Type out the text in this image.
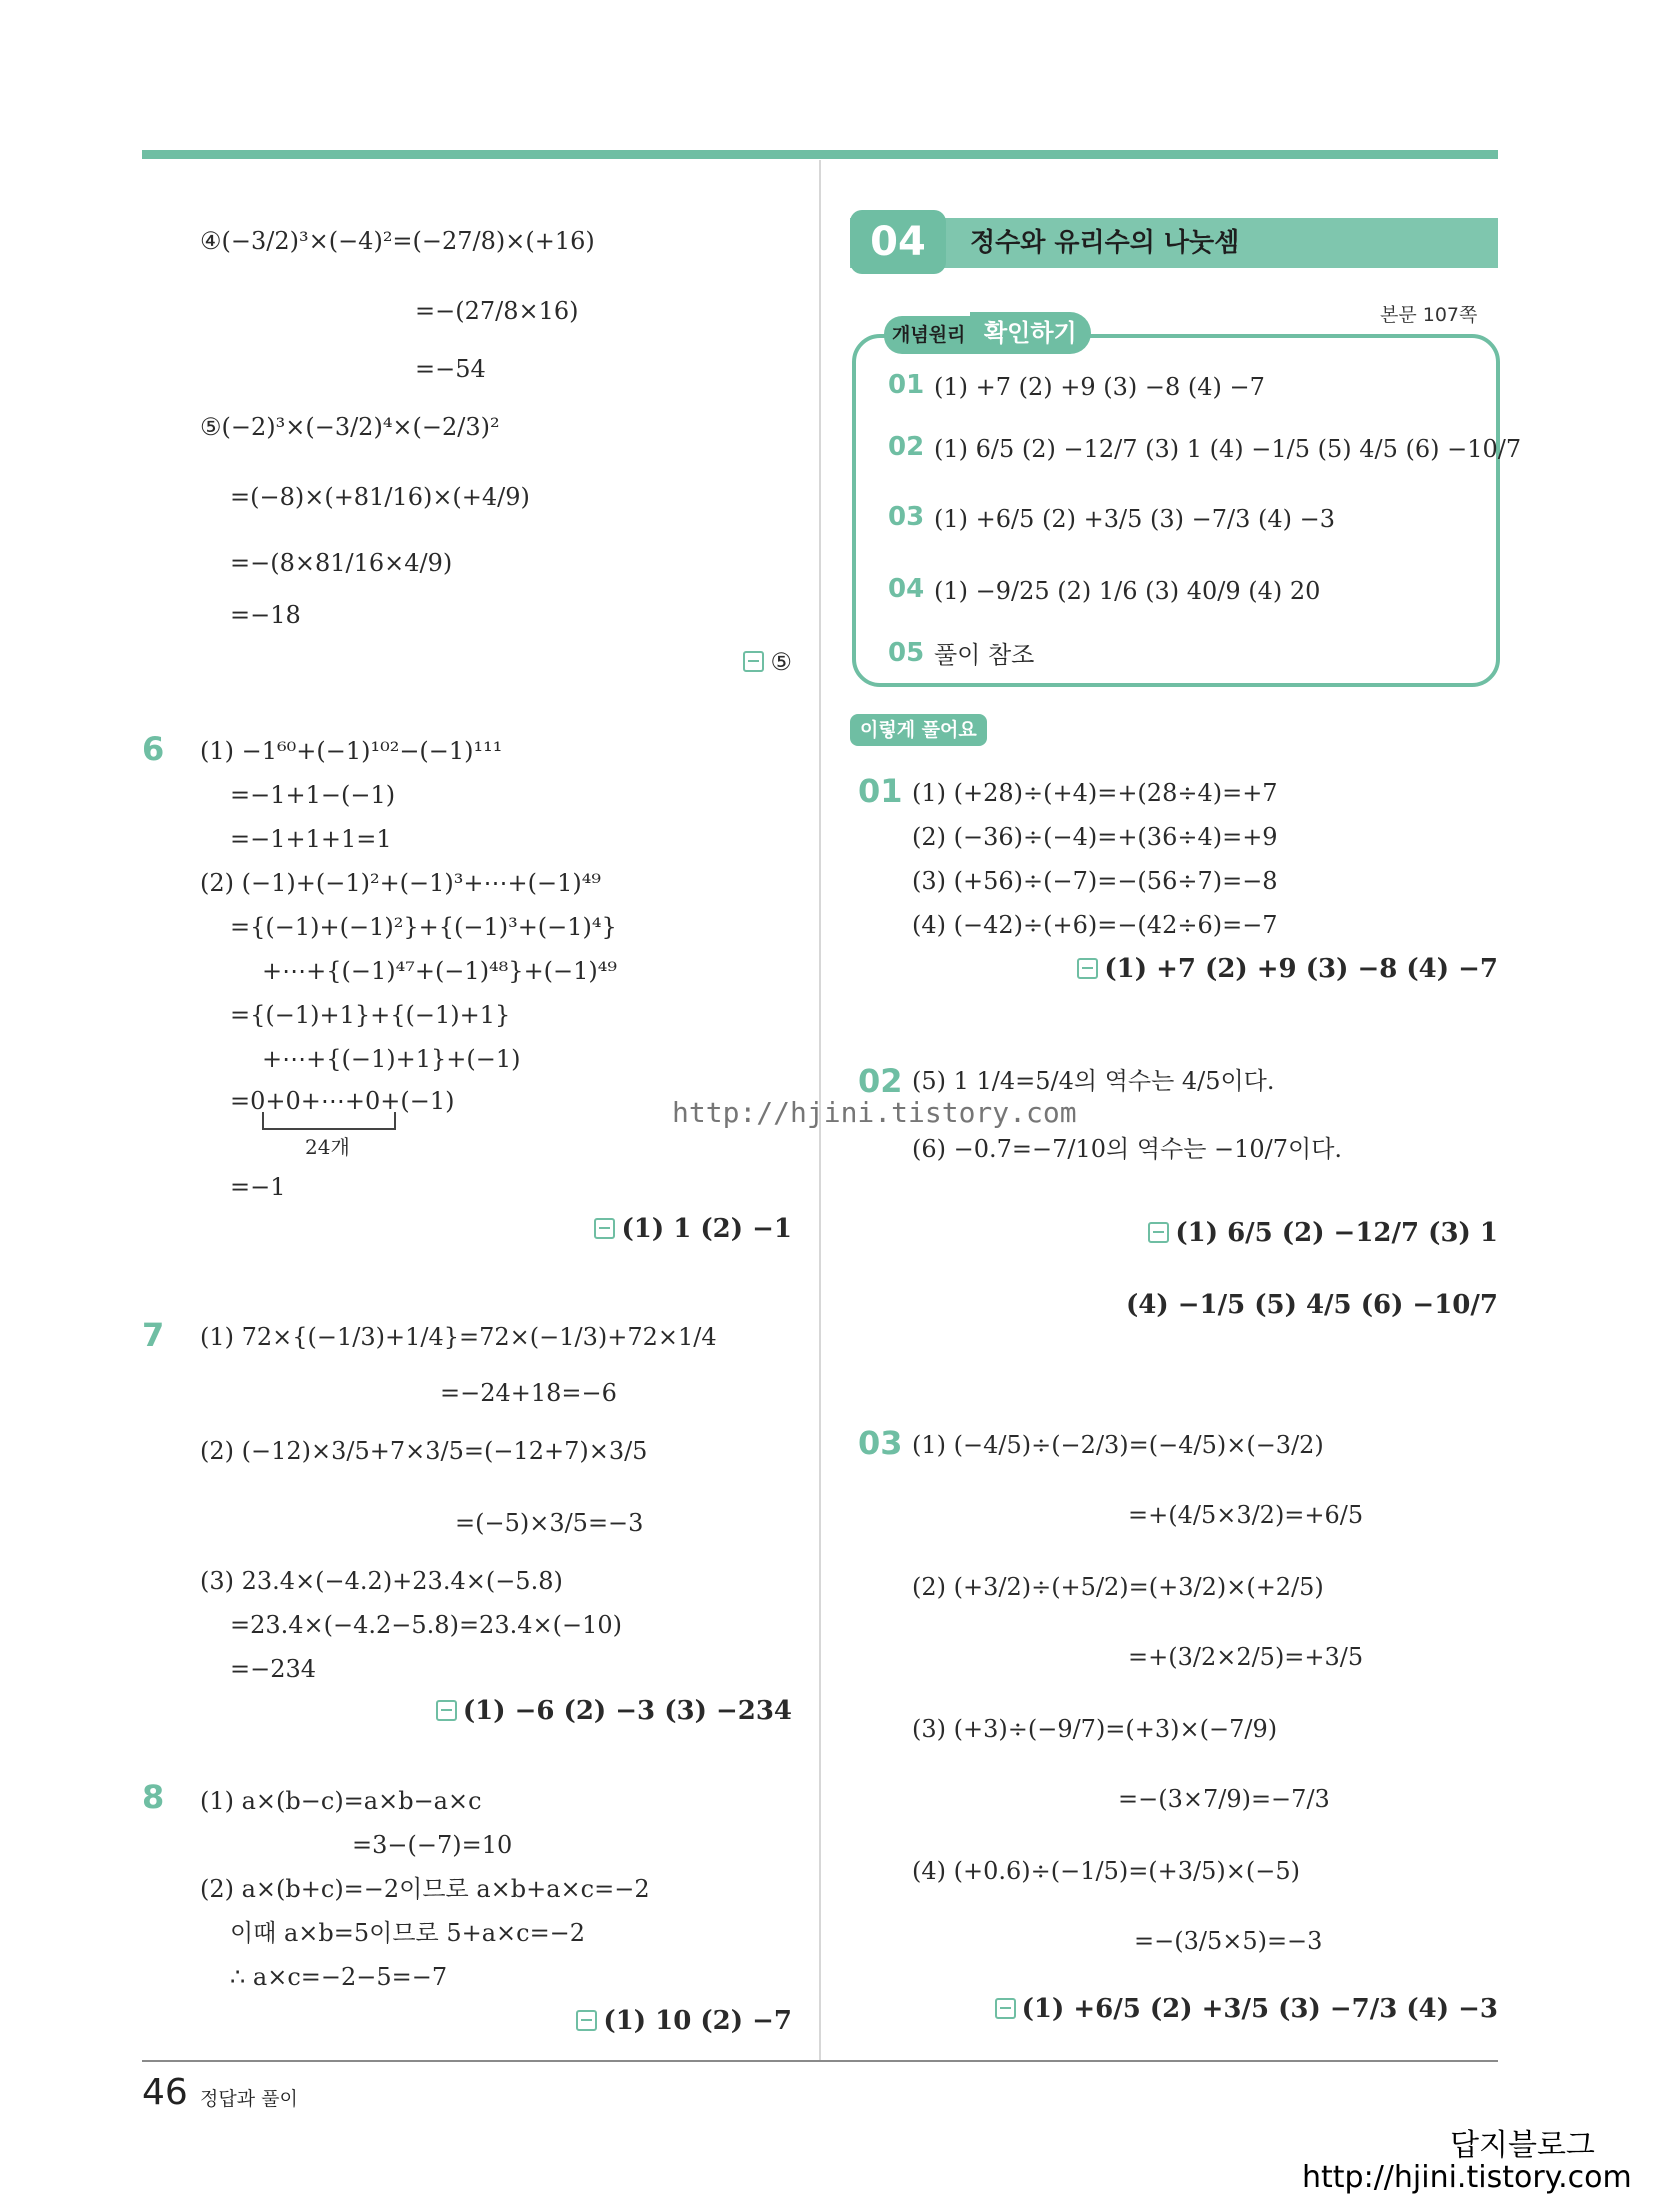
④(−3/2)³×(−4)²=(−27/8)×(+16)
=−(27/8×16)
=−54
⑤(−2)³×(−3/2)⁴×(−2/3)²
=(−8)×(+81/16)×(+4/9)
=−(8×81/16×4/9)
=−18
⑤
6 (1) −1⁶⁰+(−1)¹⁰²−(−1)¹¹¹
=−1+1−(−1)
=−1+1+1=1
(2) (−1)+(−1)²+(−1)³+⋯+(−1)⁴⁹
={(−1)+(−1)²}+{(−1)³+(−1)⁴}
+⋯+{(−1)⁴⁷+(−1)⁴⁸}+(−1)⁴⁹
={(−1)+1}+{(−1)+1}
+⋯+{(−1)+1}+(−1)
=0+0+⋯+0+(−1)
24개
=−1
(1) 1 (2) −1
7 (1) 72×{(−1/3)+1/4}=72×(−1/3)+72×1/4
=−24+18=−6
(2) (−12)×3/5+7×3/5=(−12+7)×3/5
=(−5)×3/5=−3
(3) 23.4×(−4.2)+23.4×(−5.8)
=23.4×(−4.2−5.8)=23.4×(−10)
=−234
(1) −6 (2) −3 (3) −234
8 (1) a×(b−c)=a×b−a×c
=3−(−7)=10
(2) a×(b+c)=−2이므로 a×b+a×c=−2
이때 a×b=5이므로 5+a×c=−2
∴ a×c=−2−5=−7
(1) 10 (2) −7
04	정수와 유리수의 나눗셈
본문 107쪽
개념원리 확인하기
01 (1) +7 (2) +9 (3) −8 (4) −7
02 (1) 6/5 (2) −12/7 (3) 1 (4) −1/5 (5) 4/5 (6) −10/7
03 (1) +6/5 (2) +3/5 (3) −7/3 (4) −3
04 (1) −9/25 (2) 1/6 (3) 40/9 (4) 20
05 풀이 참조
이렇게 풀어요
01 (1) (+28)÷(+4)=+(28÷4)=+7
(2) (−36)÷(−4)=+(36÷4)=+9
(3) (+56)÷(−7)=−(56÷7)=−8
(4) (−42)÷(+6)=−(42÷6)=−7
(1) +7 (2) +9 (3) −8 (4) −7
02 (5) 1 1/4=5/4의 역수는 4/5이다.
(6) −0.7=−7/10의 역수는 −10/7이다.
(1) 6/5 (2) −12/7 (3) 1
(4) −1/5 (5) 4/5 (6) −10/7
03 (1) (−4/5)÷(−2/3)=(−4/5)×(−3/2)
=+(4/5×3/2)=+6/5
(2) (+3/2)÷(+5/2)=(+3/2)×(+2/5)
=+(3/2×2/5)=+3/5
(3) (+3)÷(−9/7)=(+3)×(−7/9)
=−(3×7/9)=−7/3
(4) (+0.6)÷(−1/5)=(+3/5)×(−5)
=−(3/5×5)=−3
(1) +6/5 (2) +3/5 (3) −7/3 (4) −3
http://hjini.tistory.com
46 정답과 풀이
답지블로그
http://hjini.tistory.com
